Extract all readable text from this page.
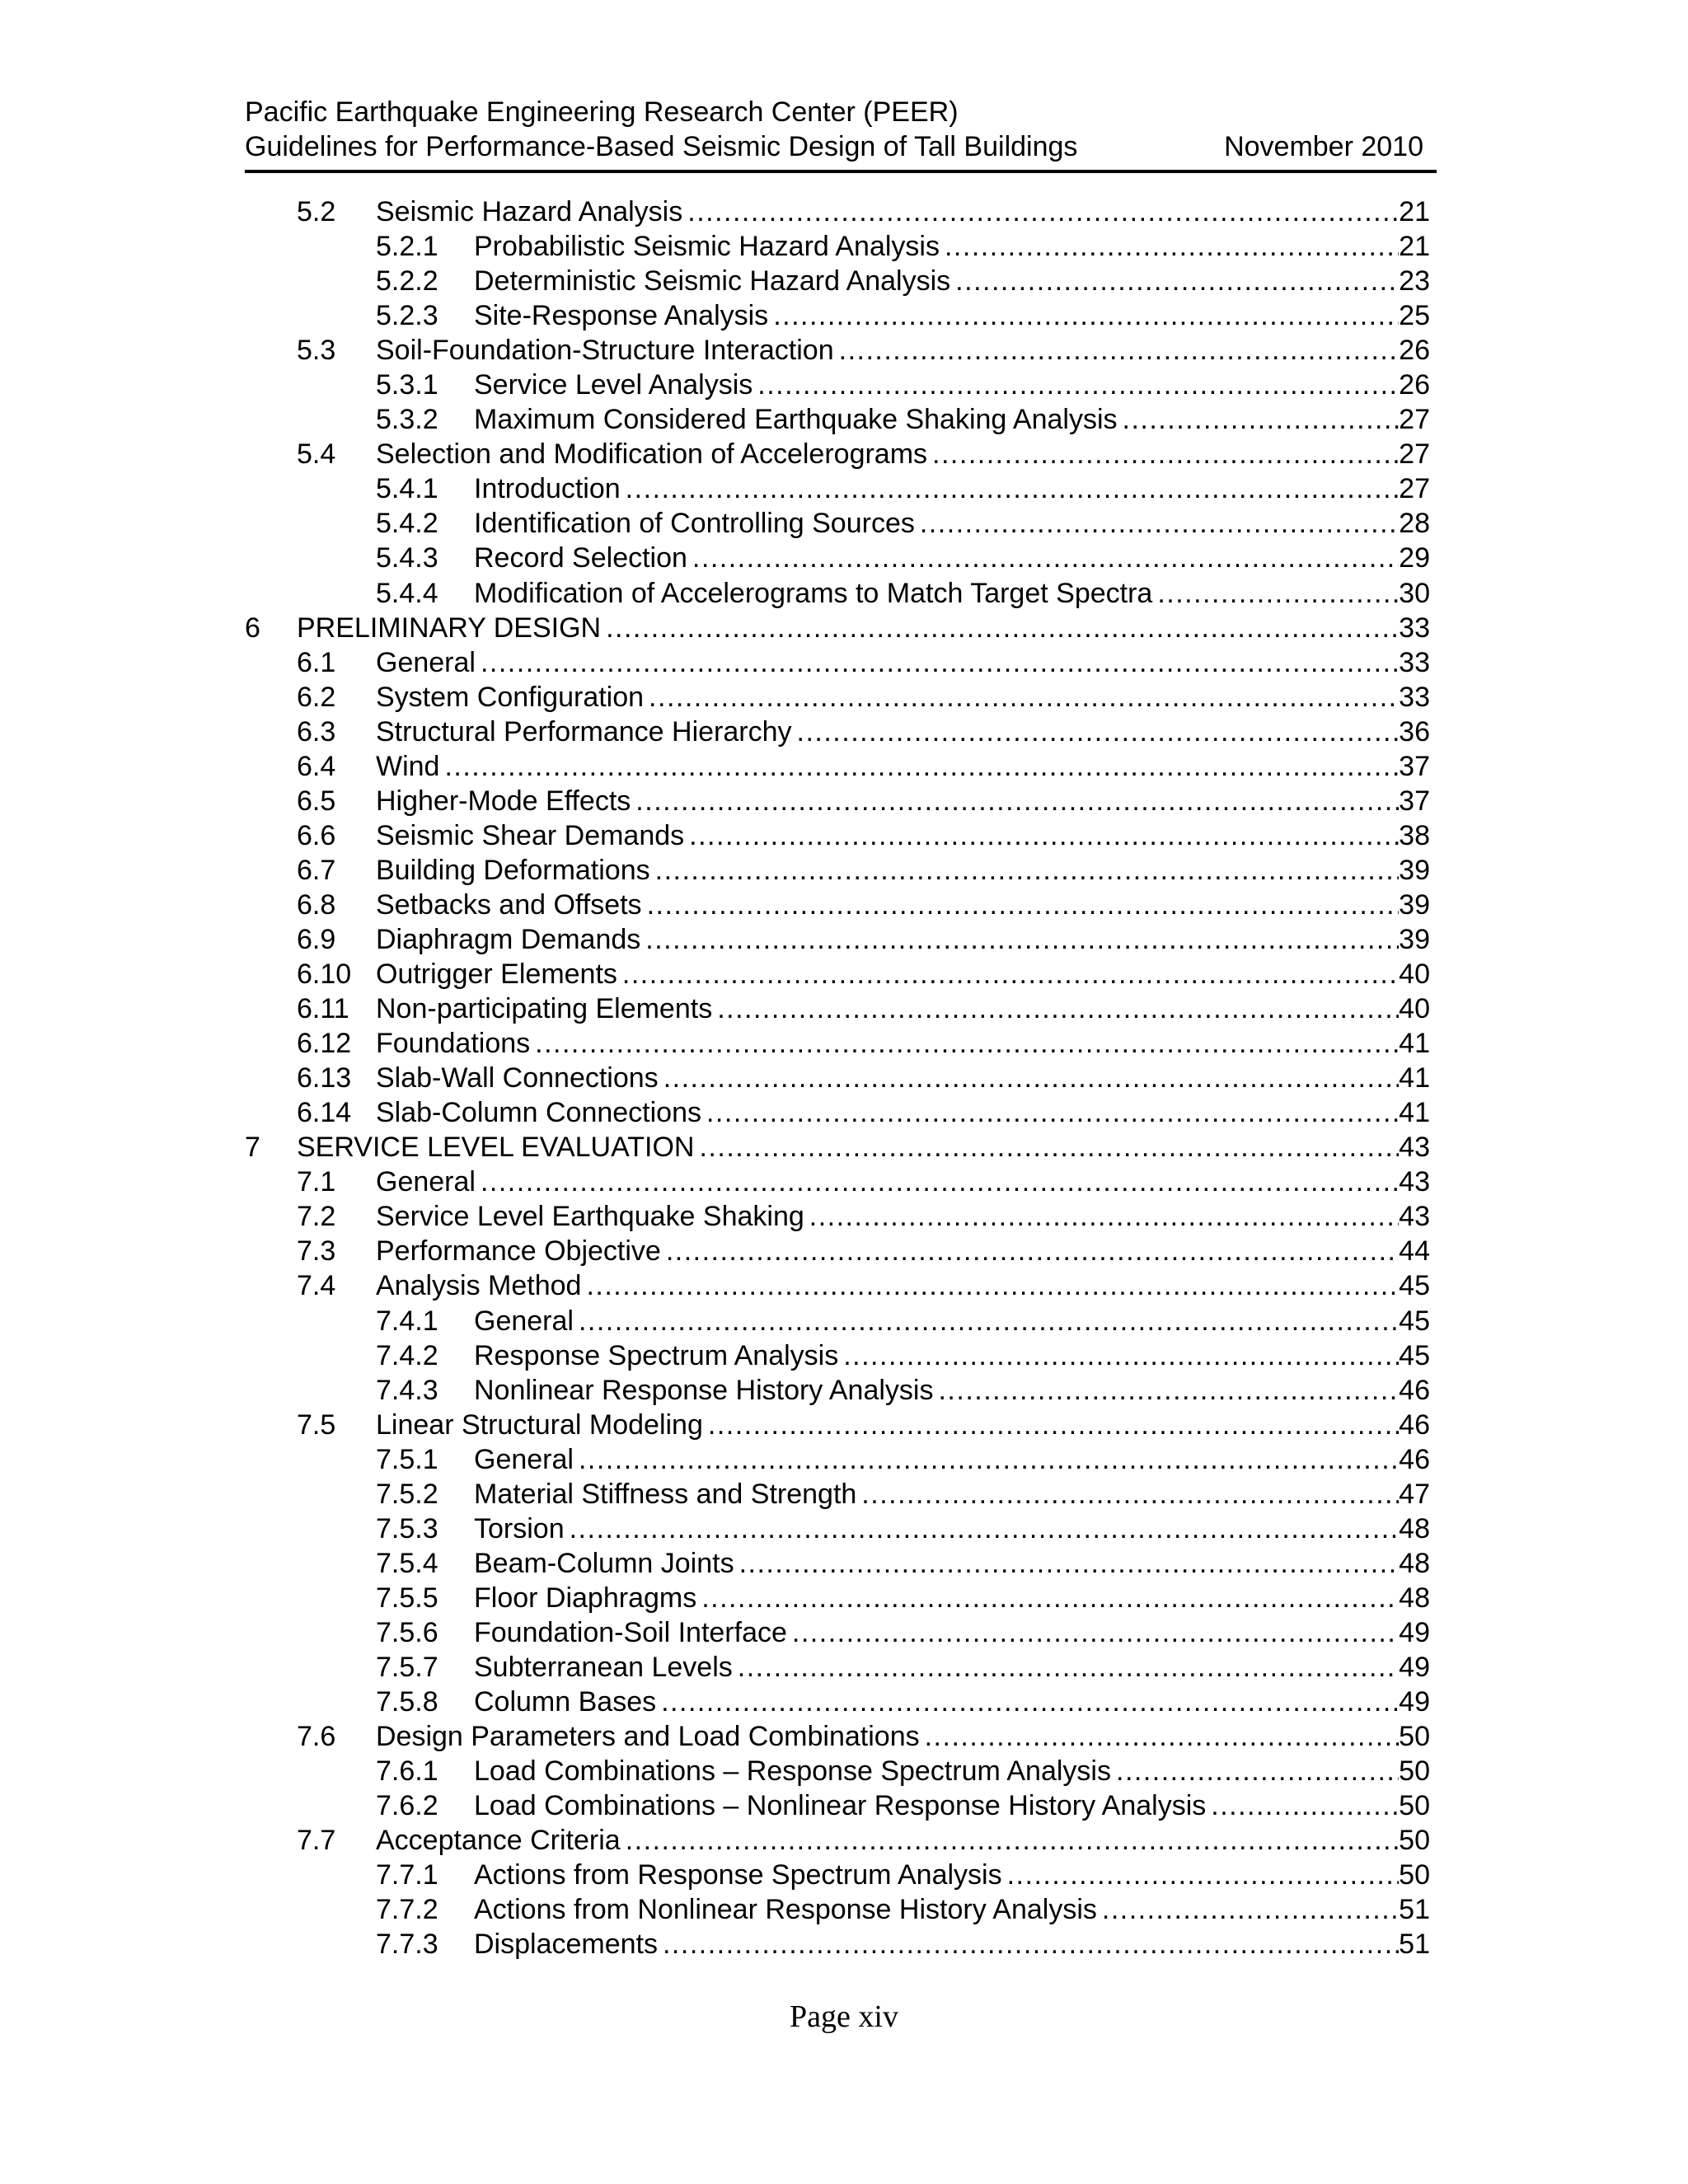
Pacific Earthquake Engineering Research Center (PEER)
Guidelines for Performance-Based Seismic Design of Tall Buildings	November 2010
5.2 Seismic Hazard Analysis .....	21
5.2.1 Probabilistic Seismic Hazard Analysis .....	21
5.2.2 Deterministic Seismic Hazard Analysis .....	23
5.2.3 Site-Response Analysis .....	25
5.3 Soil-Foundation-Structure Interaction .....	26
5.3.1 Service Level Analysis .....	26
5.3.2 Maximum Considered Earthquake Shaking Analysis .....	27
5.4 Selection and Modification of Accelerograms .....	27
5.4.1 Introduction .....	27
5.4.2 Identification of Controlling Sources .....	28
5.4.3 Record Selection .....	29
5.4.4 Modification of Accelerograms to Match Target Spectra .....	30
6 PRELIMINARY DESIGN .....	33
6.1 General .....	33
6.2 System Configuration .....	33
6.3 Structural Performance Hierarchy .....	36
6.4 Wind .....	37
6.5 Higher-Mode Effects .....	37
6.6 Seismic Shear Demands .....	38
6.7 Building Deformations .....	39
6.8 Setbacks and Offsets .....	39
6.9 Diaphragm Demands .....	39
6.10 Outrigger Elements .....	40
6.11 Non-participating Elements .....	40
6.12 Foundations .....	41
6.13 Slab-Wall Connections .....	41
6.14 Slab-Column Connections .....	41
7 SERVICE LEVEL EVALUATION .....	43
7.1 General .....	43
7.2 Service Level Earthquake Shaking .....	43
7.3 Performance Objective .....	44
7.4 Analysis Method .....	45
7.4.1 General .....	45
7.4.2 Response Spectrum Analysis .....	45
7.4.3 Nonlinear Response History Analysis .....	46
7.5 Linear Structural Modeling .....	46
7.5.1 General .....	46
7.5.2 Material Stiffness and Strength .....	47
7.5.3 Torsion .....	48
7.5.4 Beam-Column Joints .....	48
7.5.5 Floor Diaphragms .....	48
7.5.6 Foundation-Soil Interface .....	49
7.5.7 Subterranean Levels .....	49
7.5.8 Column Bases .....	49
7.6 Design Parameters and Load Combinations .....	50
7.6.1 Load Combinations – Response Spectrum Analysis .....	50
7.6.2 Load Combinations – Nonlinear Response History Analysis .....	50
7.7 Acceptance Criteria .....	50
7.7.1 Actions from Response Spectrum Analysis .....	50
7.7.2 Actions from Nonlinear Response History Analysis .....	51
7.7.3 Displacements .....	51
Page xiv
